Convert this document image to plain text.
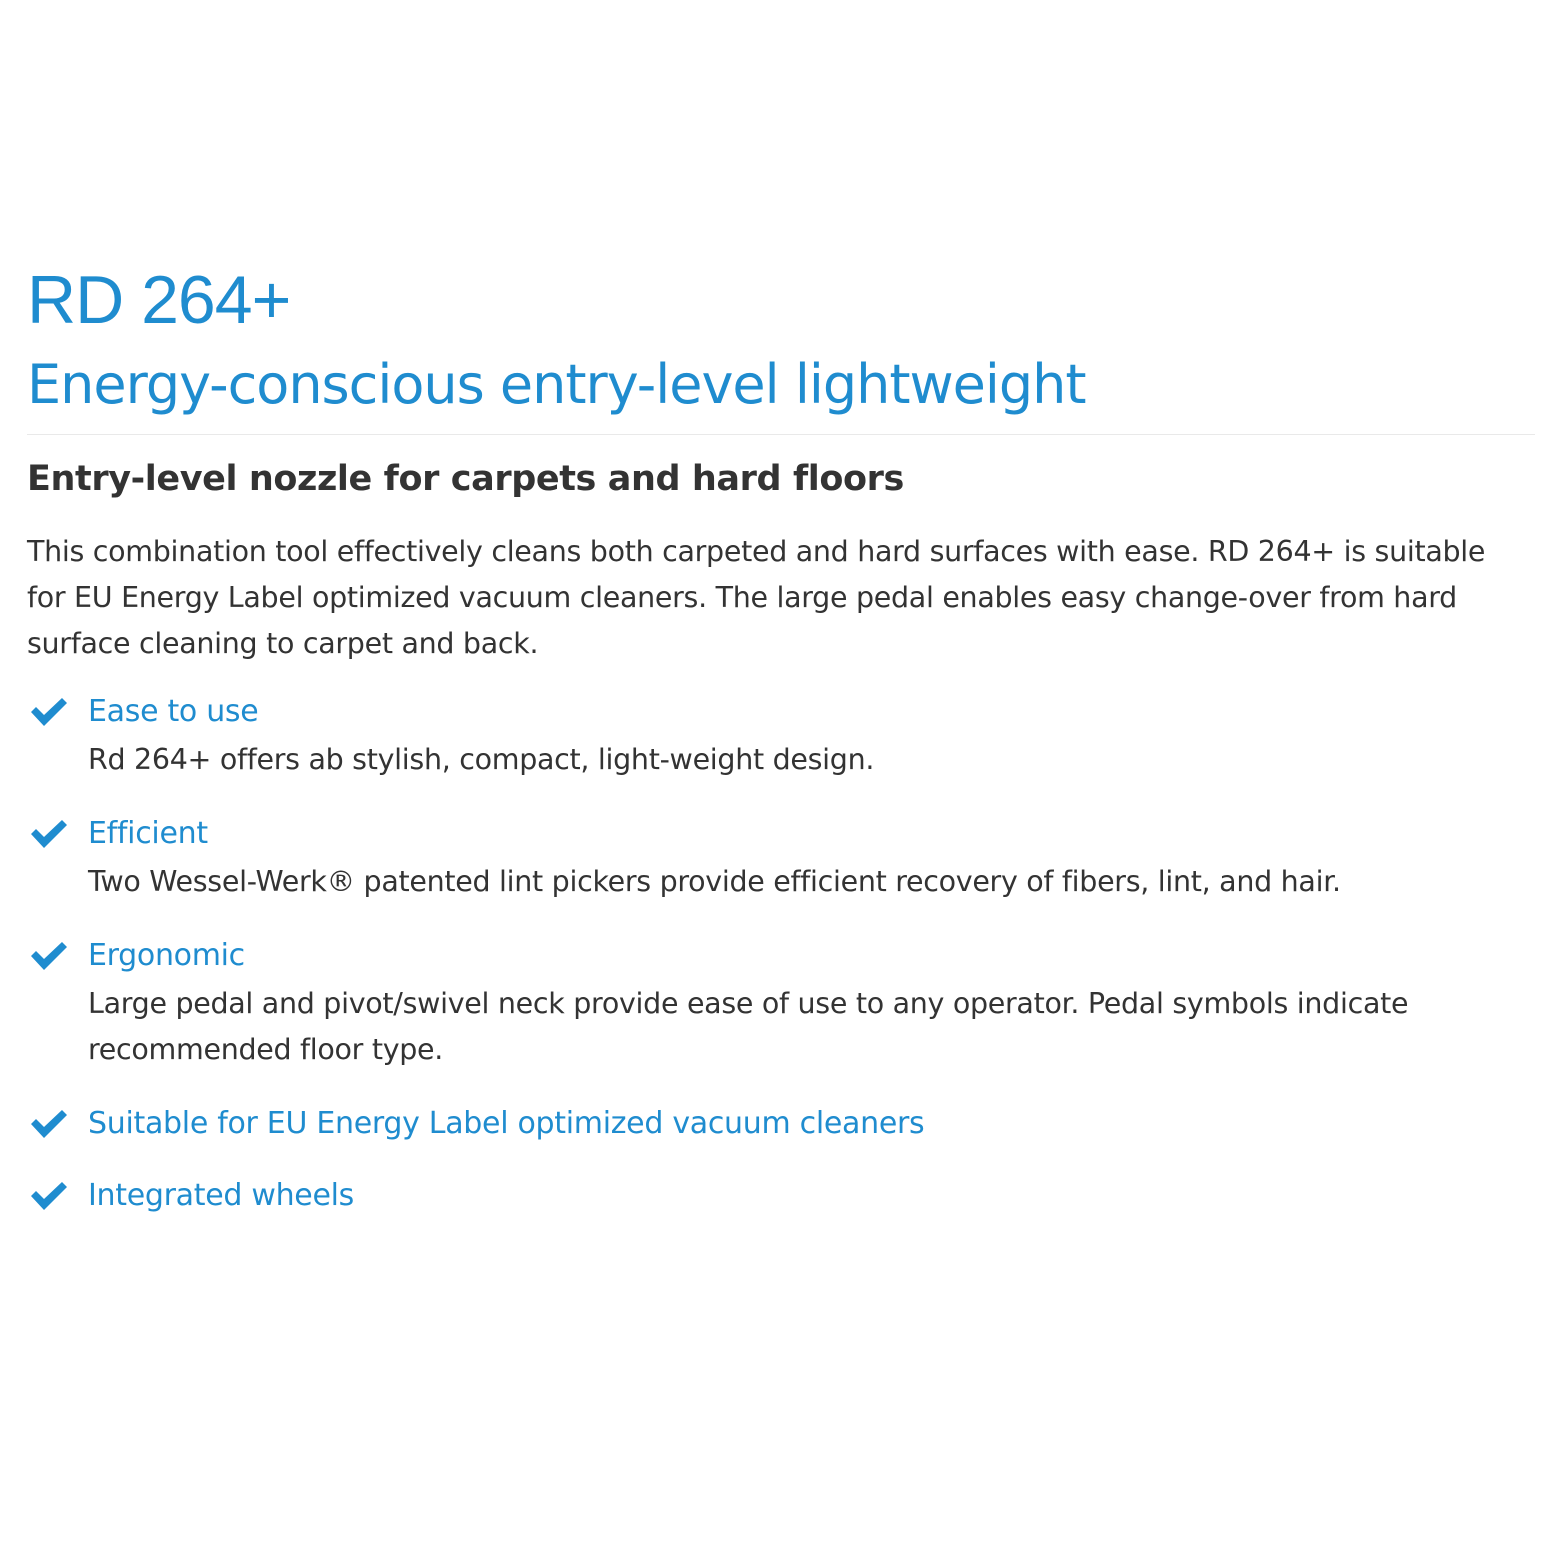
RD 264+
Energy-conscious entry-level lightweight
Entry-level nozzle for carpets and hard floors

This combination tool effectively cleans both carpeted and hard surfaces with ease. RD 264+ is suitable for EU Energy Label optimized vacuum cleaners. The large pedal enables easy change-over from hard surface cleaning to carpet and back.

Ease to use
Rd 264+ offers ab stylish, compact, light-weight design.
Efficient
Two Wessel-Werk® patented lint pickers provide efficient recovery of fibers, lint, and hair.
Ergonomic
Large pedal and pivot/swivel neck provide ease of use to any operator. Pedal symbols indicate recommended floor type.
Suitable for EU Energy Label optimized vacuum cleaners
Integrated wheels
